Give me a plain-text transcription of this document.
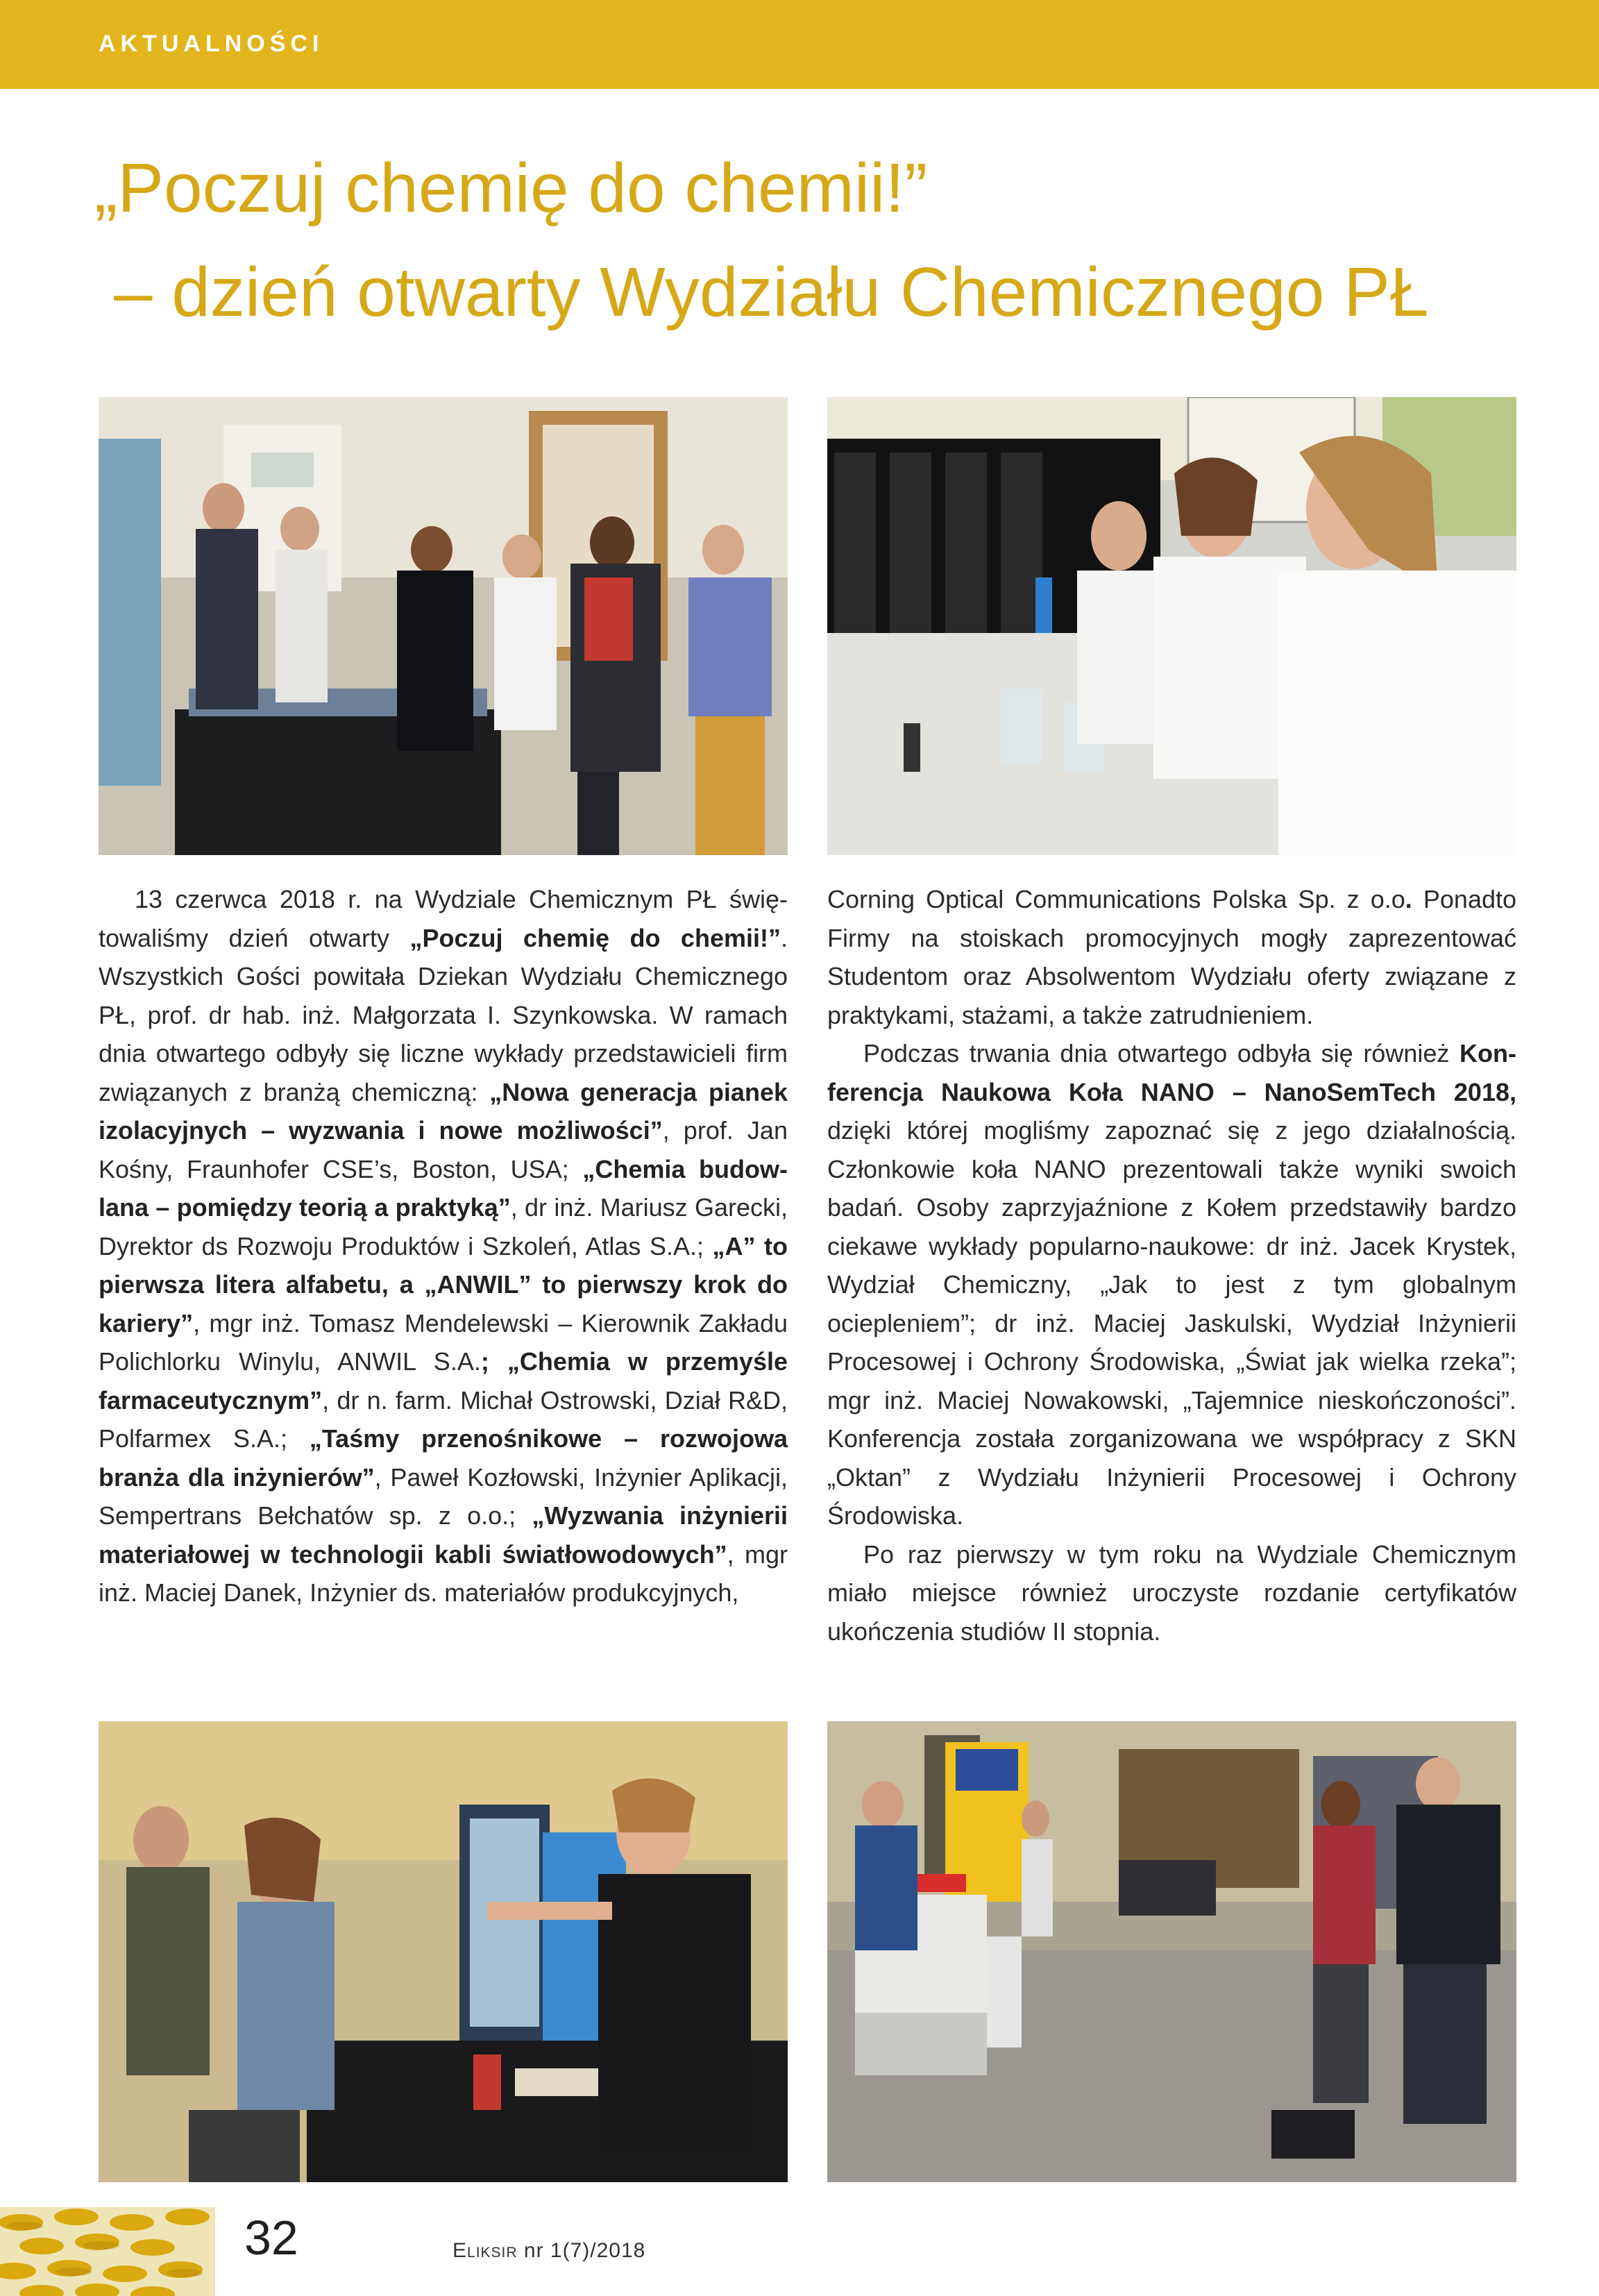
AKTUALNOŚCI
„Poczuj chemię do chemii!”
– dzień otwarty Wydziału Chemicznego PŁ

13 czerwca 2018 r. na Wydziale Chemicznym PŁ świętowaliśmy dzień otwarty „Poczuj chemię do chemii!”. Wszystkich Gości powitała Dziekan Wydziału Chemicznego PŁ, prof. dr hab. inż. Małgorzata I. Szynkowska. W ramach dnia otwartego odbyły się liczne wykłady przedstawicieli firm związanych z branżą chemiczną: „Nowa generacja pianek izolacyjnych – wyzwania i nowe możliwości”, prof. Jan Kośny, Fraunhofer CSE’s, Boston, USA; „Chemia budowlana – pomiędzy teorią a praktyką”, dr inż. Mariusz Garecki, Dyrektor ds Rozwoju Produktów i Szkoleń, Atlas S.A.; „A” to pierwsza litera alfabetu, a „ANWIL” to pierwszy krok do kariery”, mgr inż. Tomasz Mendelewski – Kierownik Zakładu Polichlorku Winylu, ANWIL S.A.; „Chemia w przemyśle farmaceutycznym”, dr n. farm. Michał Ostrowski, Dział R&D, Polfarmex S.A.; „Taśmy przenośnikowe – rozwojowa branża dla inżynierów”, Paweł Kozłowski, Inżynier Aplikacji, Sempertrans Bełchatów sp. z o.o.; „Wyzwania inżynierii materiałowej w technologii kabli światłowodowych”, mgr inż. Maciej Danek, Inżynier ds. materiałów produkcyjnych,

Corning Optical Communications Polska Sp. z o.o. Ponadto Firmy na stoiskach promocyjnych mogły zaprezentować Studentom oraz Absolwentom Wydziału oferty związane z praktykami, stażami, a także zatrudnieniem.

Podczas trwania dnia otwartego odbyła się również Konferencja Naukowa Koła NANO – NanoSemTech 2018, dzięki której mogliśmy zapoznać się z jego działalnością. Członkowie koła NANO prezentowali także wyniki swoich badań. Osoby zaprzyjaźnione z Kołem przedstawiły bardzo ciekawe wykłady popularno-naukowe: dr inż. Jacek Krystek, Wydział Chemiczny, „Jak to jest z tym globalnym ociepleniem”; dr inż. Maciej Jaskulski, Wydział Inżynierii Procesowej i Ochrony Środowiska, „Świat jak wielka rzeka”; mgr inż. Maciej Nowakowski, „Tajemnice nieskończoności”. Konferencja została zorganizowana we współpracy z SKN „Oktan” z Wydziału Inżynierii Procesowej i Ochrony Środowiska.

Po raz pierwszy w tym roku na Wydziale Chemicznym miało miejsce również uroczyste rozdanie certyfikatów ukończenia studiów II stopnia.

32	Eliksir nr 1(7)/2018
